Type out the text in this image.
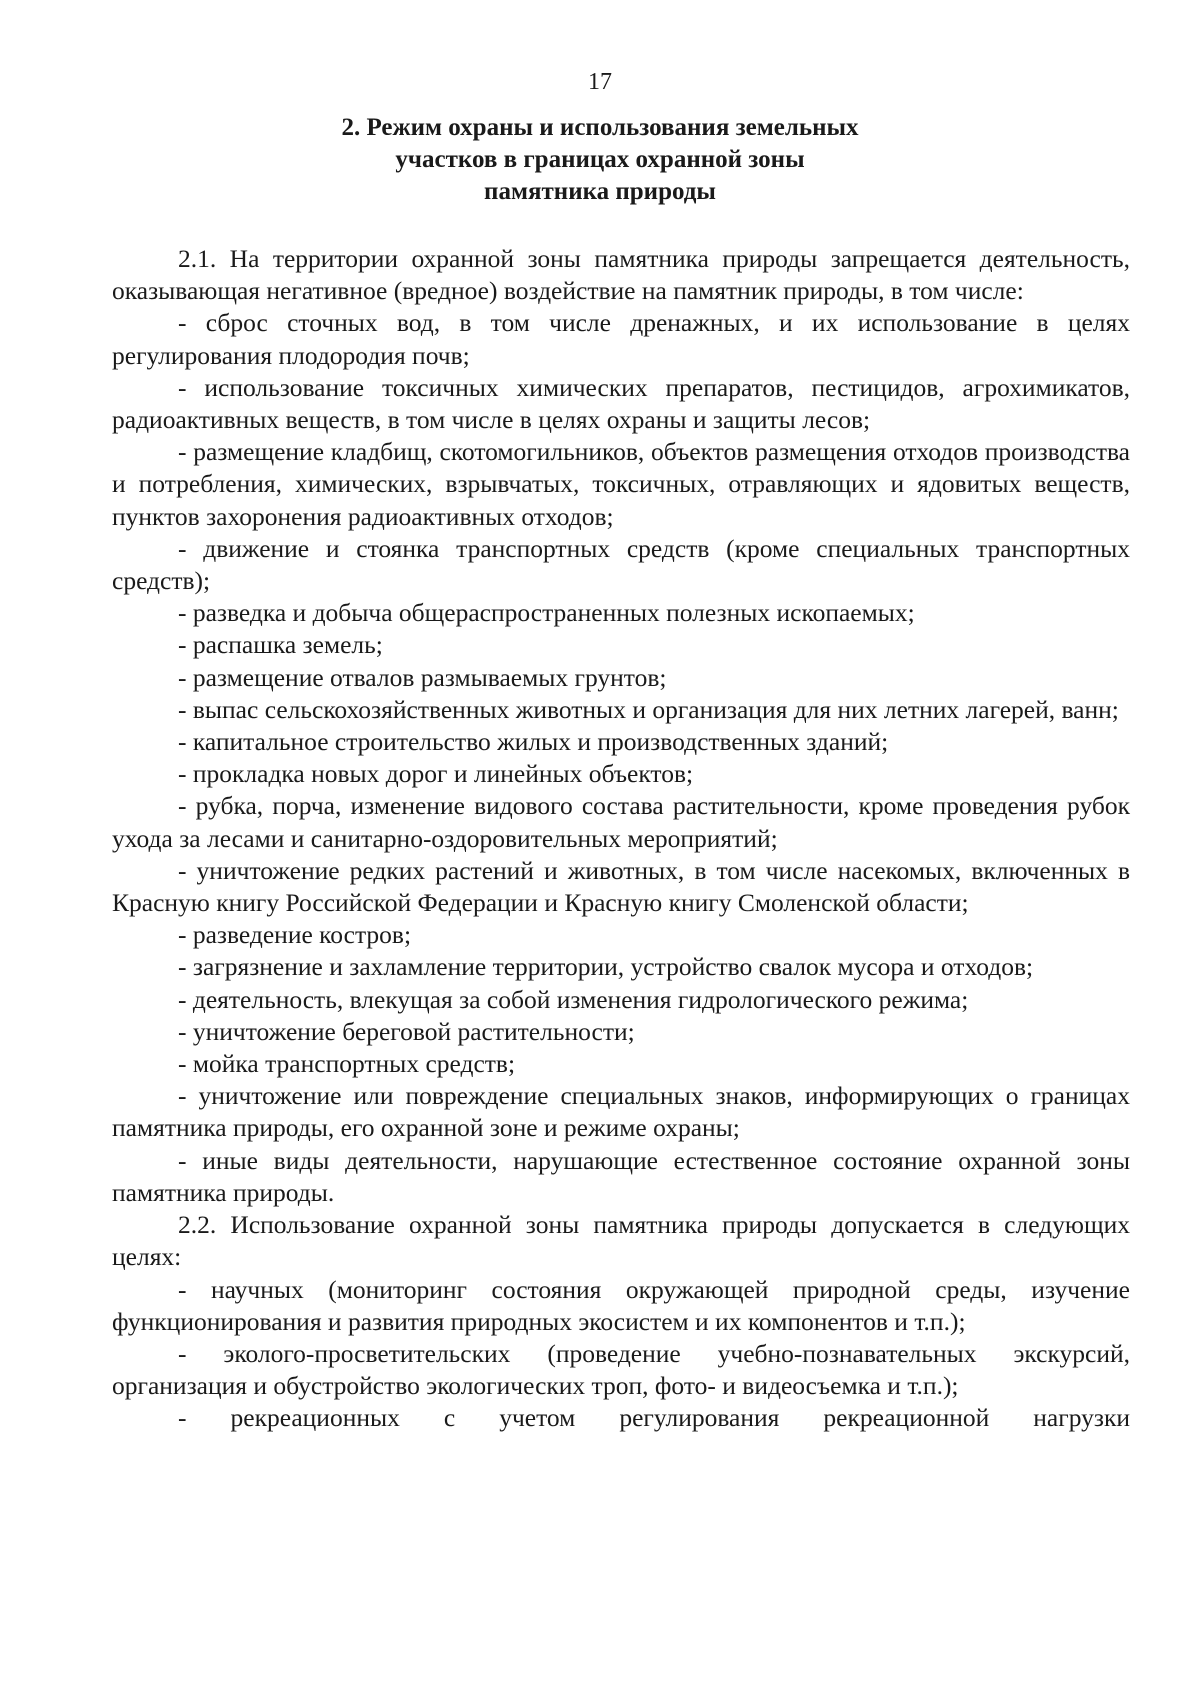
17
2. Режим охраны и использования земельных
участков в границах охранной зоны
памятника природы

2.1. На территории охранной зоны памятника природы запрещается деятельность, оказывающая негативное (вредное) воздействие на памятник природы, в том числе:

- сброс сточных вод, в том числе дренажных, и их использование в целях регулирования плодородия почв;

- использование токсичных химических препаратов, пестицидов, агрохимикатов, радиоактивных веществ, в том числе в целях охраны и защиты лесов;

- размещение кладбищ, скотомогильников, объектов размещения отходов производства и потребления, химических, взрывчатых, токсичных, отравляющих и ядовитых веществ, пунктов захоронения радиоактивных отходов;

- движение и стоянка транспортных средств (кроме специальных транспортных средств);

- разведка и добыча общераспространенных полезных ископаемых;

- распашка земель;

- размещение отвалов размываемых грунтов;

- выпас сельскохозяйственных животных и организация для них летних лагерей, ванн;

- капитальное строительство жилых и производственных зданий;

- прокладка новых дорог и линейных объектов;

- рубка, порча, изменение видового состава растительности, кроме проведения рубок ухода за лесами и санитарно-оздоровительных мероприятий;

- уничтожение редких растений и животных, в том числе насекомых, включенных в Красную книгу Российской Федерации и Красную книгу Смоленской области;

- разведение костров;

- загрязнение и захламление территории, устройство свалок мусора и отходов;

- деятельность, влекущая за собой изменения гидрологического режима;

- уничтожение береговой растительности;

- мойка транспортных средств;

- уничтожение или повреждение специальных знаков, информирующих о границах памятника природы, его охранной зоне и режиме охраны;

- иные виды деятельности, нарушающие естественное состояние охранной зоны памятника природы.

2.2. Использование охранной зоны памятника природы допускается в следующих целях:

- научных (мониторинг состояния окружающей природной среды, изучение функционирования и развития природных экосистем и их компонентов и т.п.);

- эколого-просветительских (проведение учебно-познавательных экскурсий, организация и обустройство экологических троп, фото- и видеосъемка и т.п.);

- рекреационных с учетом регулирования рекреационной нагрузки
